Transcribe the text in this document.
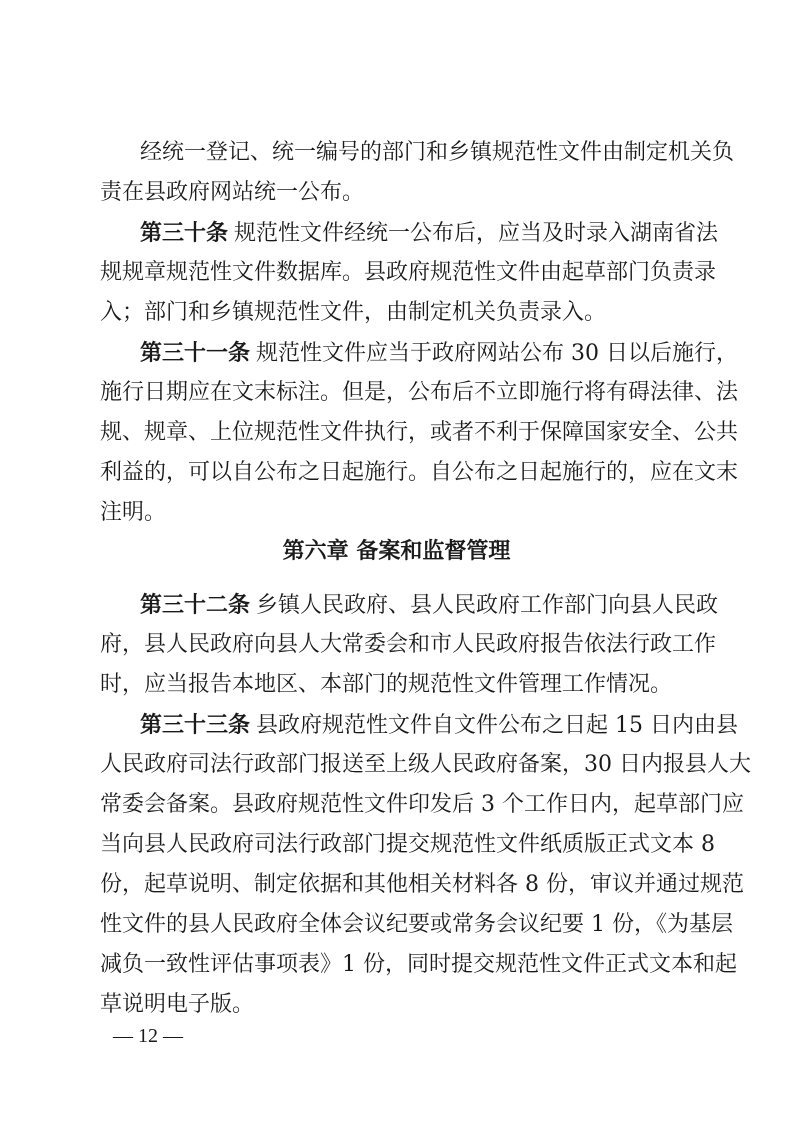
经统一登记、统一编号的部门和乡镇规范性文件由制定机关负
责在县政府网站统一公布。
第三十条 规范性文件经统一公布后，应当及时录入湖南省法
规规章规范性文件数据库。县政府规范性文件由起草部门负责录
入；部门和乡镇规范性文件，由制定机关负责录入。
第三十一条 规范性文件应当于政府网站公布 30 日以后施行，
施行日期应在文末标注。但是，公布后不立即施行将有碍法律、法
规、规章、上位规范性文件执行，或者不利于保障国家安全、公共
利益的，可以自公布之日起施行。自公布之日起施行的，应在文末
注明。
第六章 备案和监督管理
第三十二条 乡镇人民政府、县人民政府工作部门向县人民政
府，县人民政府向县人大常委会和市人民政府报告依法行政工作
时，应当报告本地区、本部门的规范性文件管理工作情况。
第三十三条 县政府规范性文件自文件公布之日起 15 日内由县
人民政府司法行政部门报送至上级人民政府备案，30 日内报县人大
常委会备案。县政府规范性文件印发后 3 个工作日内，起草部门应
当向县人民政府司法行政部门提交规范性文件纸质版正式文本 8
份，起草说明、制定依据和其他相关材料各 8 份，审议并通过规范
性文件的县人民政府全体会议纪要或常务会议纪要 1 份，《为基层
减负一致性评估事项表》1 份，同时提交规范性文件正式文本和起
草说明电子版。
— 12 —
